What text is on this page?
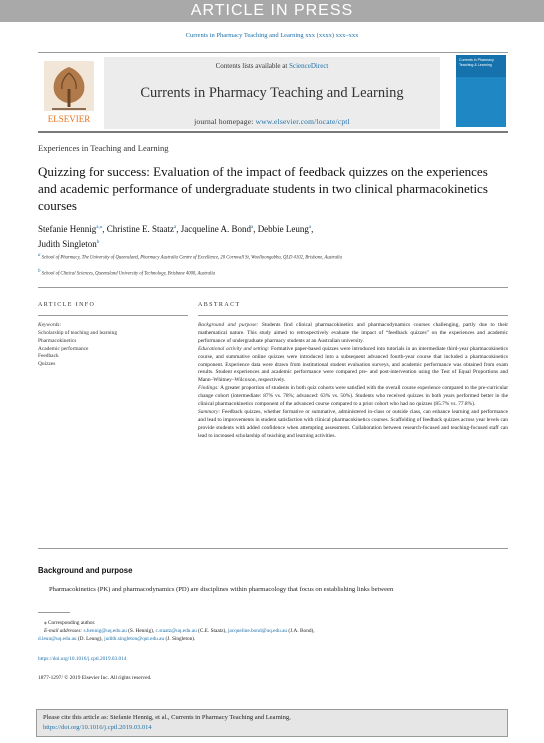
ARTICLE IN PRESS
Currents in Pharmacy Teaching and Learning xxx (xxxx) xxx–xxx
ELSEVIER
Contents lists available at ScienceDirect
Currents in Pharmacy Teaching and Learning
journal homepage: www.elsevier.com/locate/cptl
Currents in Pharmacy Teaching & Learning
Experiences in Teaching and Learning
Quizzing for success: Evaluation of the impact of feedback quizzes on the experiences and academic performance of undergraduate students in two clinical pharmacokinetics courses
Stefanie Hennig$^{a,⁎}$, Christine E. Staatz$^a$, Jacqueline A. Bond$^a$, Debbie Leung$^a$,
Judith Singleton$^b$
$^a$ School of Pharmacy, The University of Queensland, Pharmacy Australia Centre of Excellence, 20 Cornwall St, Woolloongabba, QLD 4102, Brisbane, Australia
$^b$ School of Clinical Sciences, Queensland University of Technology, Brisbane 4000, Australia
ARTICLE INFO	ABSTRACT
Keywords:
Scholarship of teaching and learning
Pharmacokinetics
Academic performance
Feedback
Quizzes

Background and purpose: Students find clinical pharmacokinetics and pharmacodynamics courses challenging, partly due to their mathematical nature. This study aimed to retrospectively evaluate the impact of “feedback quizzes” on the experiences and academic performance of undergraduate pharmacy students at an Australian university.

Educational activity and setting: Formative paper-based quizzes were introduced into tutorials in an intermediate third-year pharmacokinetics course, and summative online quizzes were introduced into a subsequent advanced fourth-year course that included a pharmacokinetics component. Experience data were drawn from institutional student evaluation surveys, and academic performance was obtained from exam results. Student experiences and academic performance were compared pre- and post-intervention using the Test of Equal Proportions and Mann–Whitney–Wilcoxon, respectively.

Findings: A greater proportion of students in both quiz cohorts were satisfied with the overall course experience compared to the pre-curricular change cohort (intermediate: 87% vs. 78%; advanced: 63% vs. 50%). Students who received quizzes in both years performed better in the clinical pharmacokinetics component of the advanced course compared to a prior cohort who had no quizzes (85.7% vs. 77.8%).

Summary: Feedback quizzes, whether formative or summative, administered in-class or outside class, can enhance learning and performance and lead to improvements in student satisfaction with clinical pharmacokinetics courses. Scaffolding of feedback quizzes across year levels can provide students with added confidence when attempting assessment. Collaboration between research-focused and teaching-focused staff can lead to increased scholarship of teaching and learning activities.

Background and purpose
Pharmacokinetics (PK) and pharmacodynamics (PD) are disciplines within pharmacology that focus on establishing links between
⁎ Corresponding author.
E-mail addresses: s.hennig@uq.edu.au (S. Hennig), c.staatz@uq.edu.au (C.E. Staatz), jacqueline.bond@uq.edu.au (J.A. Bond),
d.leun@uq.edu.au (D. Leung), judith.singleton@qut.edu.au (J. Singleton).
https://doi.org/10.1016/j.cptl.2019.03.014
1877-1297/ © 2019 Elsevier Inc. All rights reserved.
Please cite this article as: Stefanie Hennig, et al., Currents in Pharmacy Teaching and Learning,
https://doi.org/10.1016/j.cptl.2019.03.014
